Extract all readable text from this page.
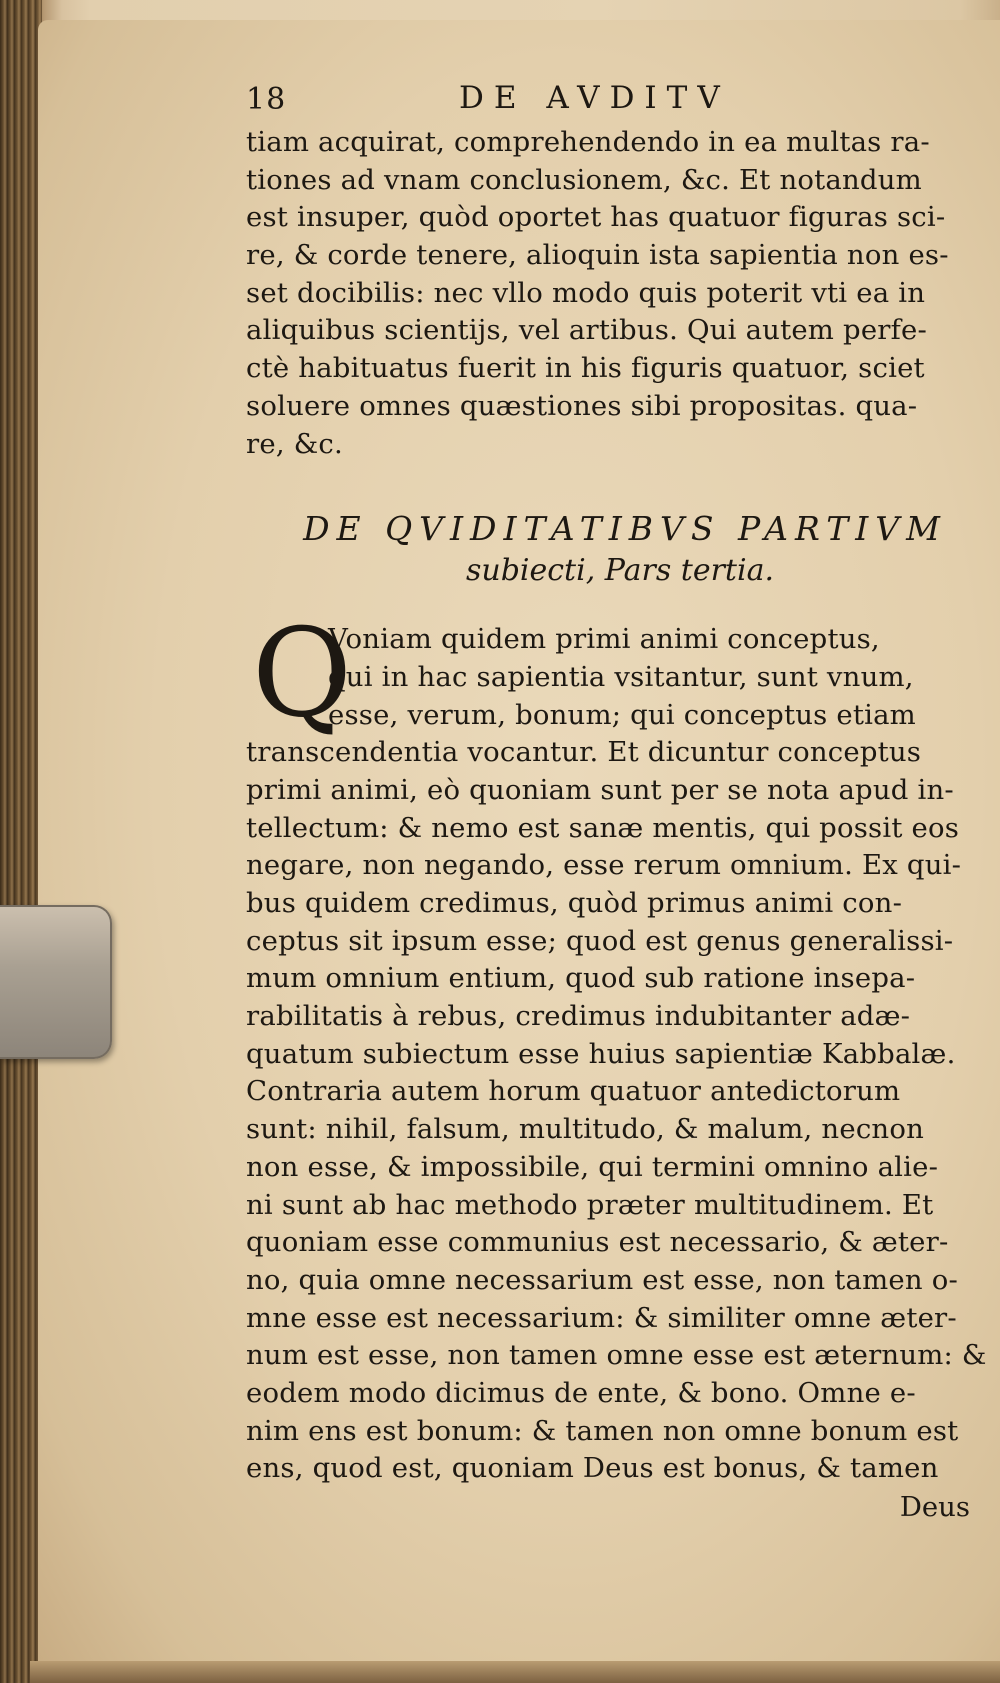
18	DE AVDITV
tiam acquirat, comprehendendo in ea multas ra-
tiones ad vnam conclusionem, &c. Et notandum
est insuper, quòd oportet has quatuor figuras sci-
re, & corde tenere, alioquin ista sapientia non es-
set docibilis: nec vllo modo quis poterit vti ea in
aliquibus scientijs, vel artibus. Qui autem perfe-
ctè habituatus fuerit in his figuris quatuor, sciet
soluere omnes quæstiones sibi propositas. qua-
re, &c.
DE QVIDITATIBVS PARTIVM
subiecti, Pars tertia.
Q
Voniam quidem primi animi conceptus,
qui in hac sapientia vsitantur, sunt vnum,
esse, verum, bonum; qui conceptus etiam
transcendentia vocantur. Et dicuntur conceptus
primi animi, eò quoniam sunt per se nota apud in-
tellectum: & nemo est sanæ mentis, qui possit eos
negare, non negando, esse rerum omnium. Ex qui-
bus quidem credimus, quòd primus animi con-
ceptus sit ipsum esse; quod est genus generalissi-
mum omnium entium, quod sub ratione insepa-
rabilitatis à rebus, credimus indubitanter adæ-
quatum subiectum esse huius sapientiæ Kabbalæ.
Contraria autem horum quatuor antedictorum
sunt: nihil, falsum, multitudo, & malum, necnon
non esse, & impossibile, qui termini omnino alie-
ni sunt ab hac methodo præter multitudinem. Et
quoniam esse communius est necessario, & æter-
no, quia omne necessarium est esse, non tamen o-
mne esse est necessarium: & similiter omne æter-
num est esse, non tamen omne esse est æternum: &
eodem modo dicimus de ente, & bono. Omne e-
nim ens est bonum: & tamen non omne bonum est
ens, quod est, quoniam Deus est bonus, & tamen
Deus
